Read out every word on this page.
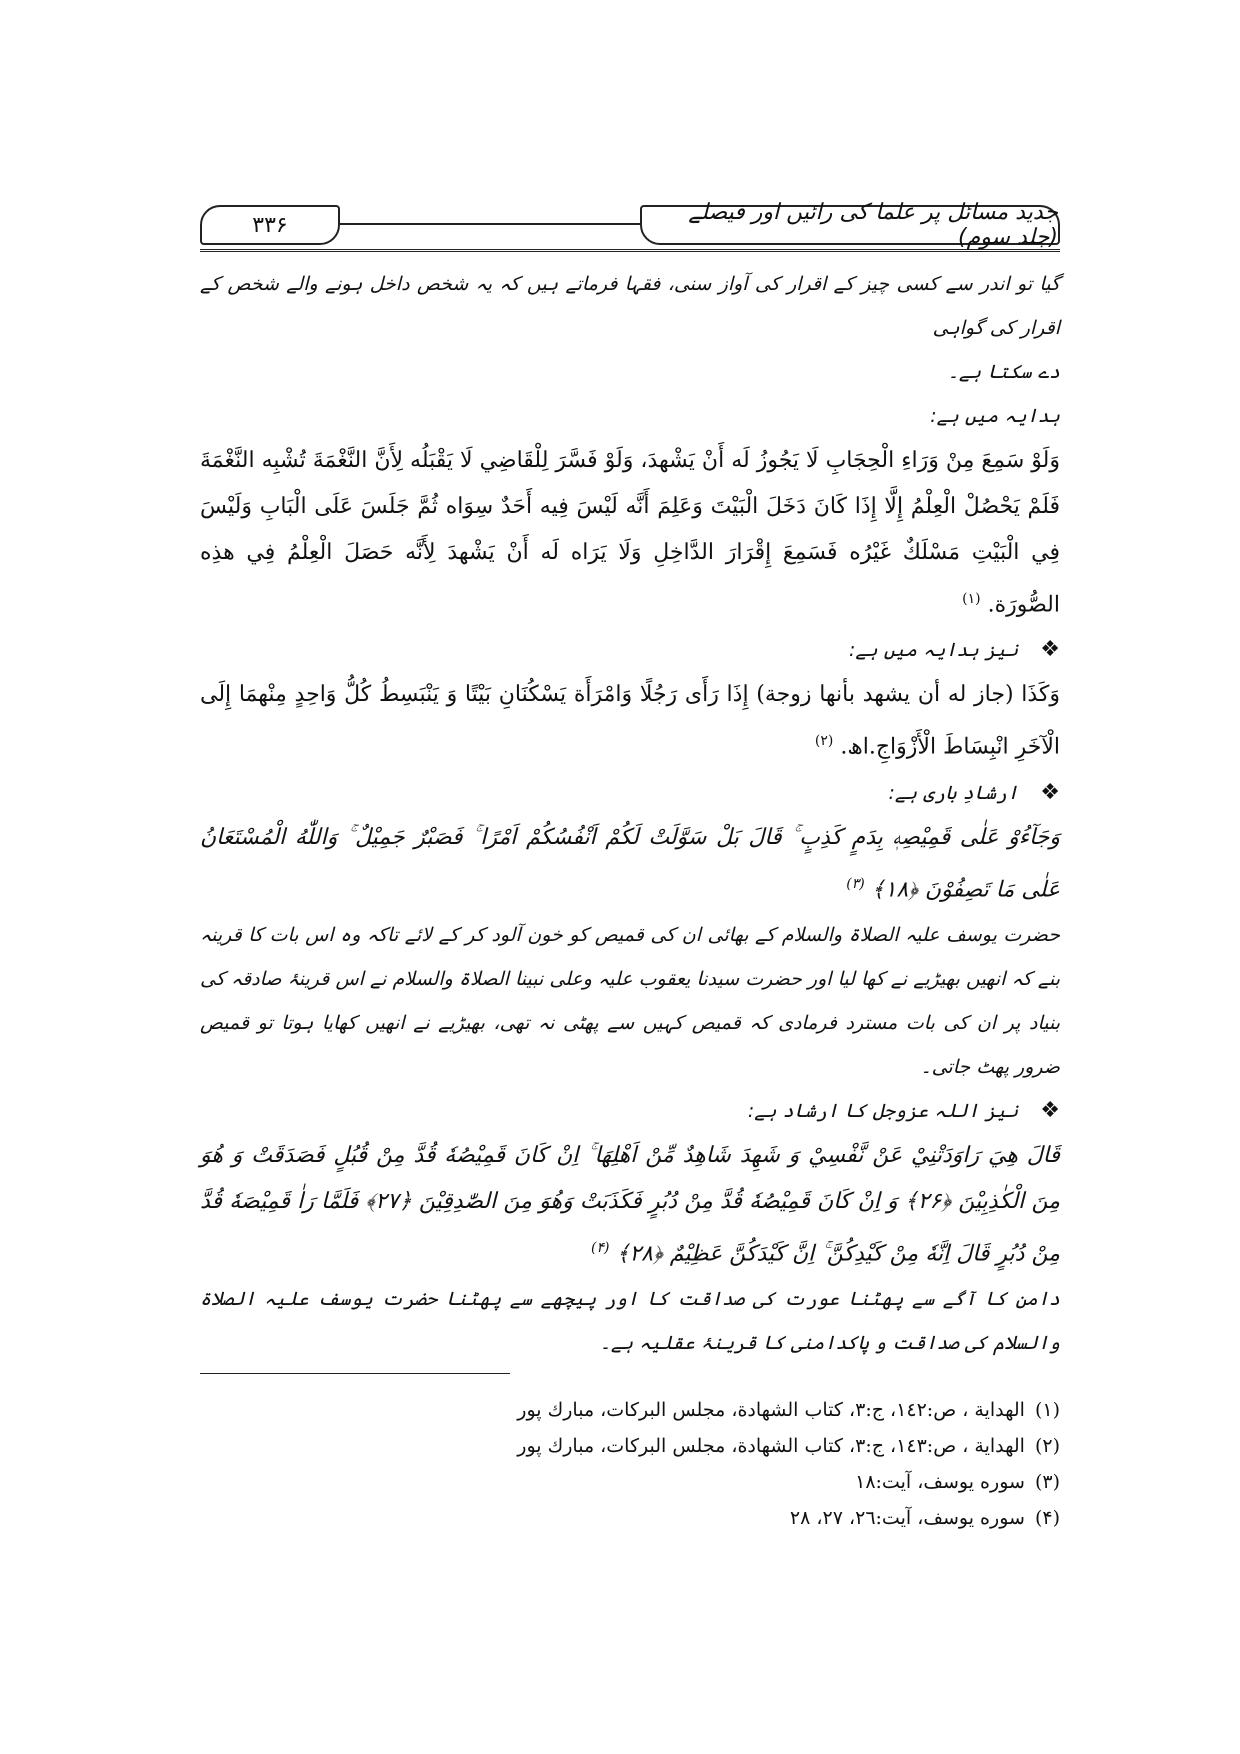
۳۳۶	جدید مسائل پر علما کی رائیں اور فیصلے (جلد سوم)

گیا تو اندر سے کسی چیز کے اقرار کی آواز سنی، فقہا فرماتے ہیں کہ یہ شخص داخل ہونے والے شخص کے اقرار کی گواہی
دے سکتا ہے۔

ہدایہ میں ہے:

وَلَوْ سَمِعَ مِنْ وَرَاءِ الْحِجَابِ لَا يَجُوزُ لَه أَنْ يَشْهدَ، وَلَوْ فَسَّرَ لِلْقَاضِي لَا يَقْبَلُه لِأَنَّ النَّغْمَةَ تُشْبِه النَّغْمَةَ فَلَمْ يَحْصُلْ الْعِلْمُ إِلَّا إِذَا كَانَ دَخَلَ الْبَيْتَ وَعَلِمَ أَنَّه لَيْسَ فِيه أَحَدٌ سِوَاه ثُمَّ جَلَسَ عَلَى الْبَابِ وَلَيْسَ فِي الْبَيْتِ مَسْلَكٌ غَيْرُه فَسَمِعَ إِقْرَارَ الدَّاخِلِ وَلَا يَرَاه لَه أَنْ يَشْهدَ لِأَنَّه حَصَلَ الْعِلْمُ فِي هذِه الصُّورَة. $^{(۱)}$

❖
نیز ہدایہ میں ہے:

وَكَذَا (جاز له أن يشهد بأنها زوجة) إِذَا رَأَى رَجُلًا وَامْرَأَة يَسْكُنَانِ بَيْتًا وَ يَنْبَسِطُ كُلُّ وَاحِدٍ مِنْهمَا إِلَى الْآخَرِ انْبِسَاطَ الْأَزْوَاجِ.اھ. $^{(۲)}$

❖
ارشادِ باری ہے:

وَجَآءُوْ عَلٰى قَمِيْصِهٖ بِدَمٍ كَذِبٍ ۚ قَالَ بَلْ سَوَّلَتْ لَكُمْ اَنْفُسُكُمْ اَمْرًا ۚ فَصَبْرٌ جَمِيْلٌ ۚ وَاللّٰهُ الْمُسْتَعَانُ عَلٰى مَا تَصِفُوْنَ ﴿۱۸﴾ $^{(۳)}$

حضرت یوسف علیہ الصلاۃ والسلام کے بھائی ان کی قمیص کو خون آلود کر کے لائے تاکہ وہ اس بات کا قرینہ بنے کہ انھیں بھیڑیے نے کھا لیا اور حضرت سیدنا یعقوب علیہ وعلی نبینا الصلاۃ والسلام نے اس قرینۂ صادقہ کی بنیاد پر ان کی بات مسترد فرمادی کہ قمیص کہیں سے پھٹی نہ تھی، بھیڑیے نے انھیں کھایا ہوتا تو قمیص ضرور پھٹ جاتی۔

❖
نیز اللہ عزوجل کا ارشاد ہے:

قَالَ هِيَ رَاوَدَتْنِيْ عَنْ نَّفْسِيْ وَ شَهِدَ شَاهِدٌ مِّنْ اَهْلِهَا ۚ اِنْ كَانَ قَمِيْصُهٗ قُدَّ مِنْ قُبُلٍ فَصَدَقَتْ وَ هُوَ مِنَ الْكٰذِبِيْنَ ﴿۲۶﴾ وَ اِنْ كَانَ قَمِيْصُهٗ قُدَّ مِنْ دُبُرٍ فَكَذَبَتْ وَهُوَ مِنَ الصّٰدِقِيْنَ ﴿۲۷﴾ فَلَمَّا رَاٰ قَمِيْصَهٗ قُدَّ مِنْ دُبُرٍ قَالَ اِنَّهٗ مِنْ كَيْدِكُنَّ ۚ اِنَّ كَيْدَكُنَّ عَظِيْمٌ ﴿۲۸﴾ $^{(۴)}$

دامن کا آگے سے پھٹنا عورت کی صداقت کا اور پیچھے سے پھٹنا حضرت یوسف علیہ الصلاۃ والسلام کی صداقت و پاکدامنی کا قرینۂ عقلیہ ہے۔

(۱)الهداية ، ص:١٤٢، ج:٣، كتاب الشهادة، مجلس البركات، مبارك پور

(۲)الهداية ، ص:١٤٣، ج:٣، كتاب الشهادة، مجلس البركات، مبارك پور

(۳)سوره یوسف، آیت:١٨

(۴)سوره یوسف، آیت:٢٦، ٢٧، ٢٨
